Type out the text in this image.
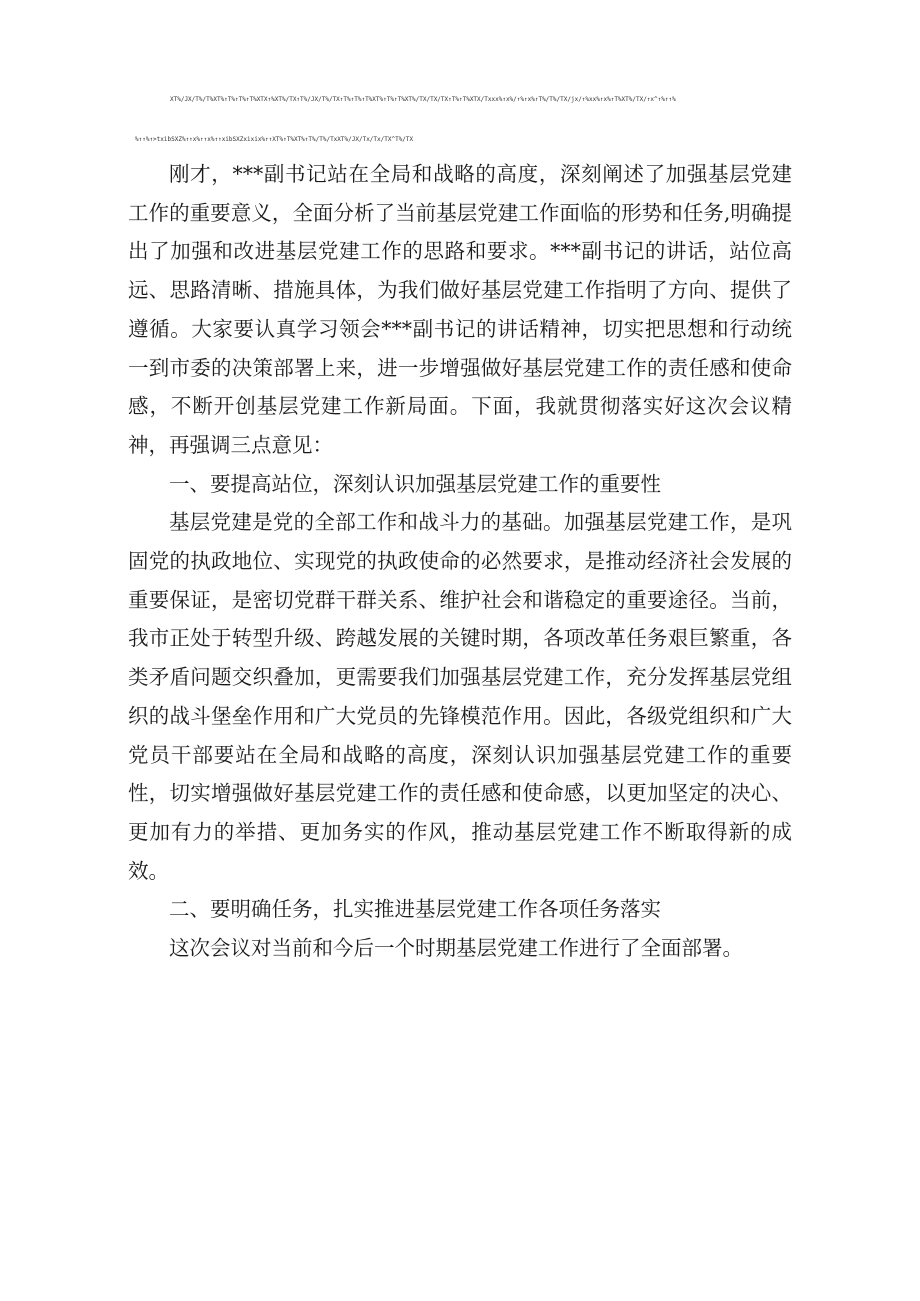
XT%/JX/T%/T%XT%↑T%↑T%↑T%XTX↑%XT%/TX↑T%/JX/T%/TX↑T%↑T%↑T%XT%↑T%↑T%XT%/TX/TX/TX↑T%↑T%XTX/Txxx%↑x%/↑%↑x%↑T%/T%/TX/jx/↑%xx%↑x%↑T%XT%/TX/↑x^↑%↑↑%
%↑↑%↑>txibSXZ%↑↑x%↑↑x%↑↑xibSXZxixix%↑↑XT%↑T%XT%↑T%/T%/TxXT%/JX/Tx/Tx/TX^T%/TX

刚才，***副书记站在全局和战略的高度，深刻阐述了加强基层党建工作的重要意义，全面分析了当前基层党建工作面临的形势和任务,明确提出了加强和改进基层党建工作的思路和要求。***副书记的讲话，站位高远、思路清晰、措施具体，为我们做好基层党建工作指明了方向、提供了遵循。大家要认真学习领会***副书记的讲话精神，切实把思想和行动统一到市委的决策部署上来，进一步增强做好基层党建工作的责任感和使命感，不断开创基层党建工作新局面。下面，我就贯彻落实好这次会议精神，再强调三点意见：

一、要提高站位，深刻认识加强基层党建工作的重要性

基层党建是党的全部工作和战斗力的基础。加强基层党建工作，是巩固党的执政地位、实现党的执政使命的必然要求，是推动经济社会发展的重要保证，是密切党群干群关系、维护社会和谐稳定的重要途径。当前，我市正处于转型升级、跨越发展的关键时期，各项改革任务艰巨繁重，各类矛盾问题交织叠加，更需要我们加强基层党建工作，充分发挥基层党组织的战斗堡垒作用和广大党员的先锋模范作用。因此，各级党组织和广大党员干部要站在全局和战略的高度，深刻认识加强基层党建工作的重要性，切实增强做好基层党建工作的责任感和使命感，以更加坚定的决心、更加有力的举措、更加务实的作风，推动基层党建工作不断取得新的成效。

二、要明确任务，扎实推进基层党建工作各项任务落实

这次会议对当前和今后一个时期基层党建工作进行了全面部署。
